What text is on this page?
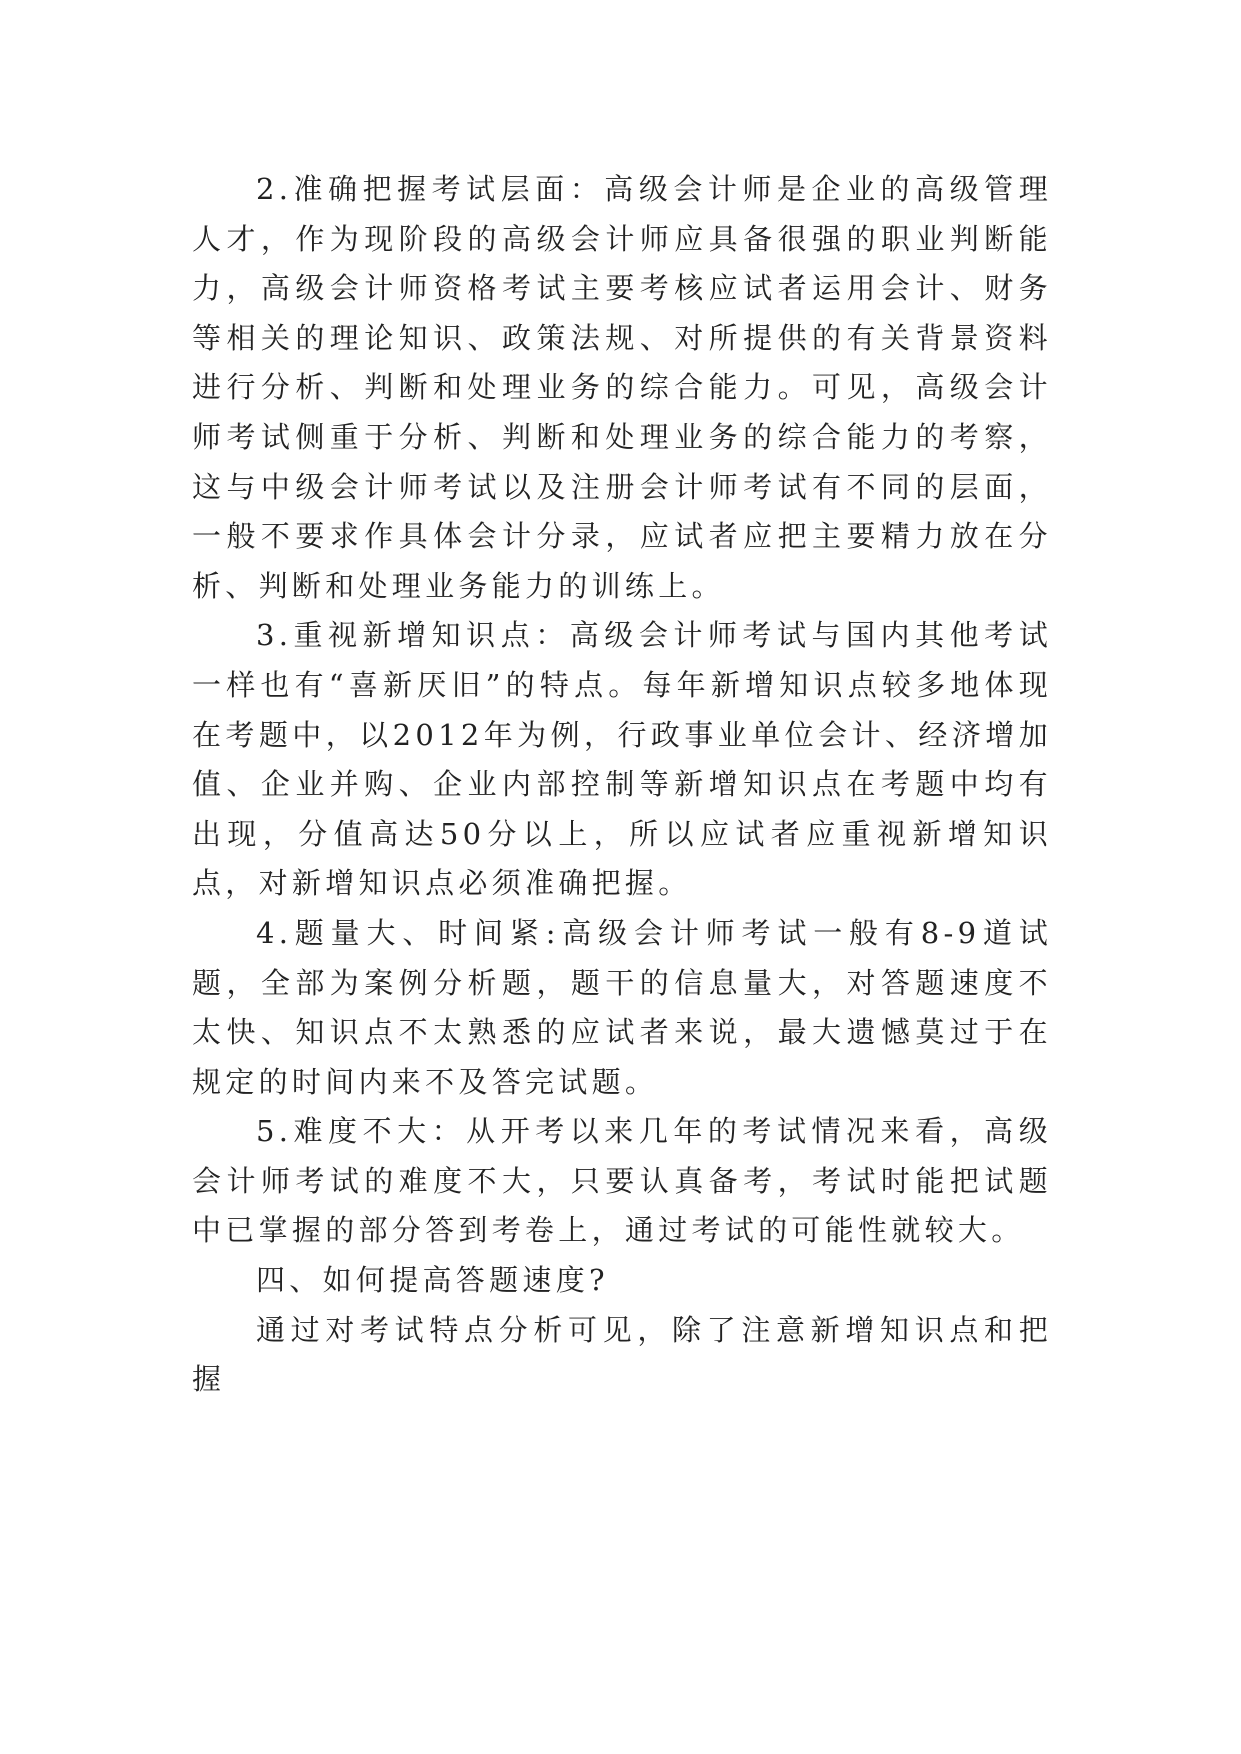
2.准确把握考试层面：高级会计师是企业的高级管理人才，作为现阶段的高级会计师应具备很强的职业判断能力，高级会计师资格考试主要考核应试者运用会计、财务等相关的理论知识、政策法规、对所提供的有关背景资料进行分析、判断和处理业务的综合能力。可见，高级会计师考试侧重于分析、判断和处理业务的综合能力的考察，这与中级会计师考试以及注册会计师考试有不同的层面，一般不要求作具体会计分录，应试者应把主要精力放在分析、判断和处理业务能力的训练上。

3.重视新增知识点：高级会计师考试与国内其他考试一样也有“喜新厌旧”的特点。每年新增知识点较多地体现在考题中，以2012年为例，行政事业单位会计、经济增加值、企业并购、企业内部控制等新增知识点在考题中均有出现，分值高达50分以上，所以应试者应重视新增知识点，对新增知识点必须准确把握。

4.题量大、时间紧:高级会计师考试一般有8-9道试题，全部为案例分析题，题干的信息量大，对答题速度不太快、知识点不太熟悉的应试者来说，最大遗憾莫过于在规定的时间内来不及答完试题。

5.难度不大：从开考以来几年的考试情况来看，高级会计师考试的难度不大，只要认真备考，考试时能把试题中已掌握的部分答到考卷上，通过考试的可能性就较大。

四、如何提高答题速度?

通过对考试特点分析可见，除了注意新增知识点和把握
